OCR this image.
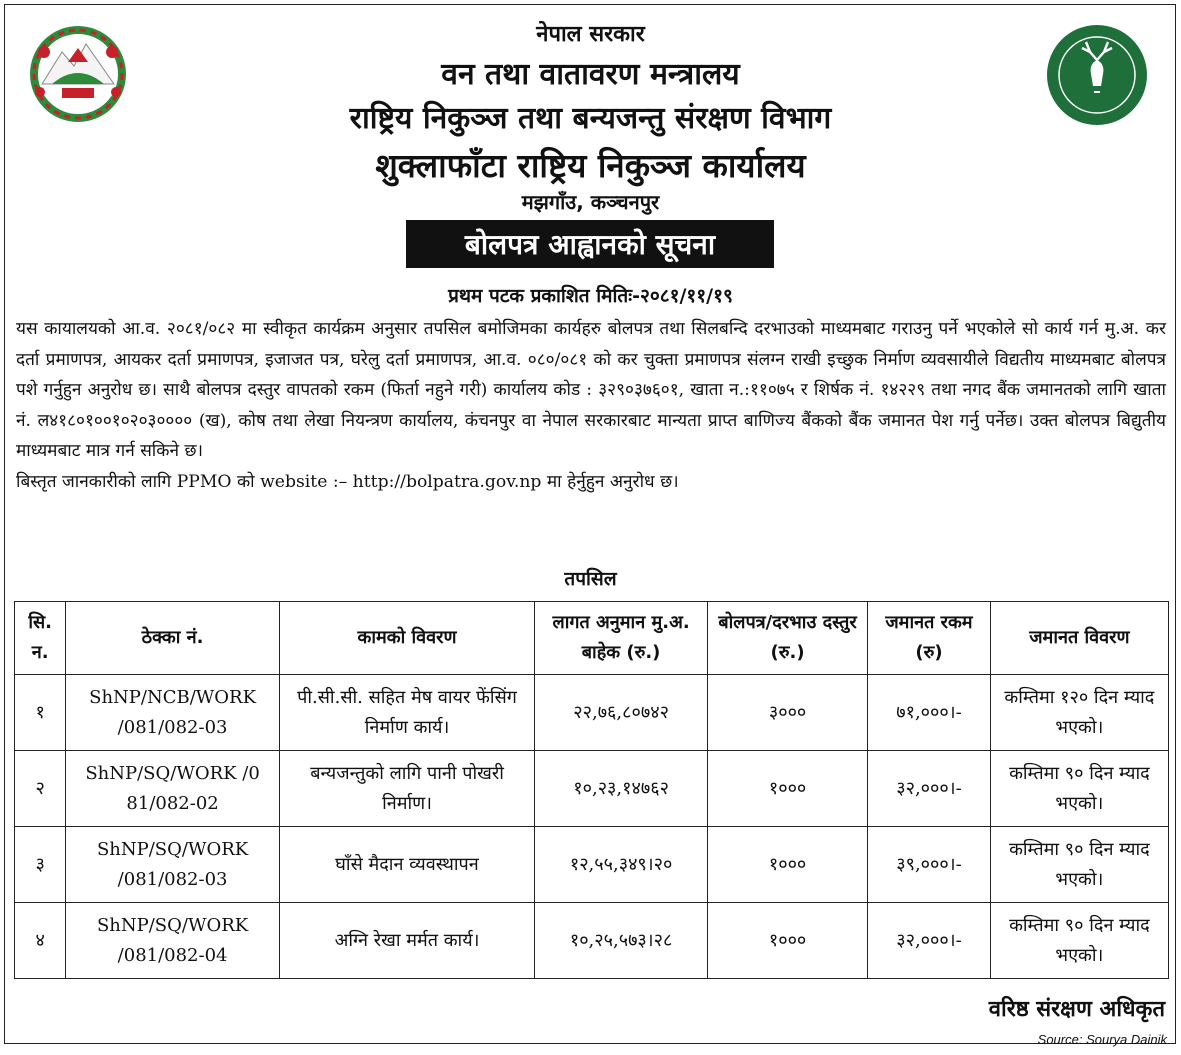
नेपाल सरकार
वन तथा वातावरण मन्त्रालय
राष्ट्रिय निकुञ्ज तथा बन्यजन्तु संरक्षण विभाग
शुक्लाफाँटा राष्ट्रिय निकुञ्ज कार्यालय
मझगाँउ, कञ्चनपुर
बोलपत्र आह्वानको सूचना
प्रथम पटक प्रकाशित मितिः-२०८१/११/१९

यस कायालयको आ.व. २०८१/०८२ मा स्वीकृत कार्यक्रम अनुसार तपसिल बमोजिमका कार्यहरु बोलपत्र तथा सिलबन्दि दरभाउको माध्यमबाट गराउनु पर्ने भएकोले सो कार्य गर्न मु.अ. कर दर्ता प्रमाणपत्र, आयकर दर्ता प्रमाणपत्र, इजाजत पत्र, घरेलु दर्ता प्रमाणपत्र, आ.व. ०८०/०८१ को कर चुक्ता प्रमाणपत्र संलग्न राखी इच्छुक निर्माण व्यवसायीले विद्यतीय माध्यमबाट बोलपत्र पशे गर्नुहुन अनुरोध छ। साथै बोलपत्र दस्तुर वापतको रकम (फिर्ता नहुने गरी) कार्यालय कोड : ३२९०३७६०१, खाता न.:११०७५ र शिर्षक नं. १४२२९ तथा नगद बैंक जमानतको लागि खाता नं. ल४१८०१००१०२०३०००० (ख), कोष तथा लेखा नियन्त्रण कार्यालय, कंचनपुर वा नेपाल सरकारबाट मान्यता प्राप्त बाणिज्य बैंकको बैंक जमानत पेश गर्नु पर्नेछ। उक्त बोलपत्र बिद्युतीय माध्यमबाट मात्र गर्न सकिने छ।

बिस्तृत जानकारीको लागि PPMO को website :– http://bolpatra.gov.np मा हेर्नुहुन अनुरोध छ।

तपसिल
सि. न.	ठेक्का नं.	कामको विवरण	लागत अनुमान मु.अ. बाहेक (रु.)	बोलपत्र/दरभाउ दस्तुर (रु.)	जमानत रकम (रु)	जमानत विवरण
१	ShNP/NCB/WORK /081/082-03	पी.सी.सी. सहित मेष वायर फेंसिंग निर्माण कार्य।	२२,७६,८०७४२	३०००	७१,०००।-	कम्तिमा १२० दिन म्याद भएको।
२	ShNP/SQ/WORK /0 81/082-02	बन्यजन्तुको लागि पानी पोखरी निर्माण।	१०,२३,१४७६२	१०००	३२,०००।-	कम्तिमा ९० दिन म्याद भएको।
३	ShNP/SQ/WORK /081/082-03	घाँसे मैदान व्यवस्थापन	१२,५५,३४९।२०	१०००	३९,०००।-	कम्तिमा ९० दिन म्याद भएको।
४	ShNP/SQ/WORK /081/082-04	अग्नि रेखा मर्मत कार्य।	१०,२५,५७३।२८	१०००	३२,०००।-	कम्तिमा ९० दिन म्याद भएको।
वरिष्ठ संरक्षण अधिकृत
Source: Sourya Dainik
